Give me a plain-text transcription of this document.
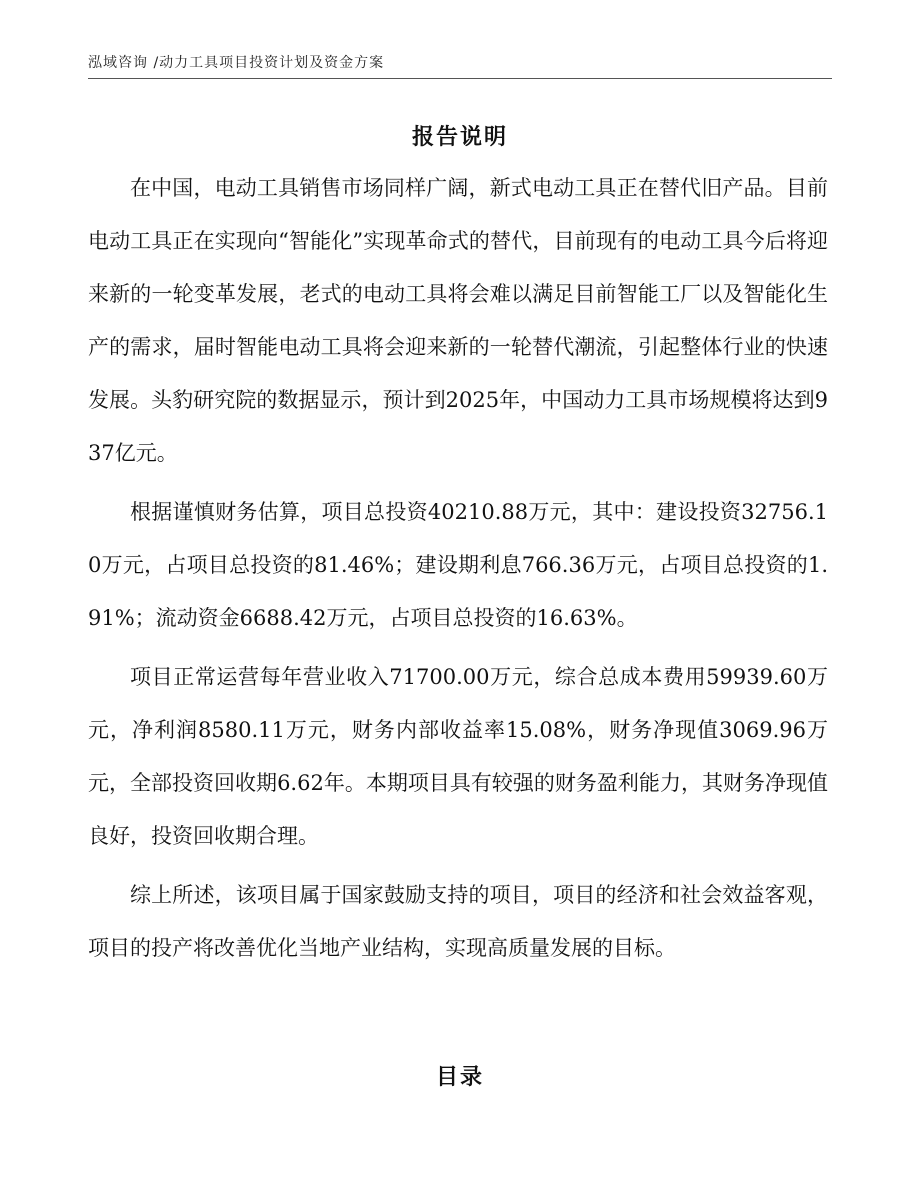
泓域咨询 /动力工具项目投资计划及资金方案
报告说明

在中国，电动工具销售市场同样广阔，新式电动工具正在替代旧产品。目前电动工具正在实现向“智能化”实现革命式的替代，目前现有的电动工具今后将迎来新的一轮变革发展，老式的电动工具将会难以满足目前智能工厂以及智能化生产的需求，届时智能电动工具将会迎来新的一轮替代潮流，引起整体行业的快速发展。头豹研究院的数据显示，预计到2025年，中国动力工具市场规模将达到937亿元。

根据谨慎财务估算，项目总投资40210.88万元，其中：建设投资32756.10万元，占项目总投资的81.46%；建设期利息766.36万元，占项目总投资的1.91%；流动资金6688.42万元，占项目总投资的16.63%。

项目正常运营每年营业收入71700.00万元，综合总成本费用59939.60万元，净利润8580.11万元，财务内部收益率15.08%，财务净现值3069.96万元，全部投资回收期6.62年。本期项目具有较强的财务盈利能力，其财务净现值良好，投资回收期合理。

综上所述，该项目属于国家鼓励支持的项目，项目的经济和社会效益客观，项目的投产将改善优化当地产业结构，实现高质量发展的目标。

目录
